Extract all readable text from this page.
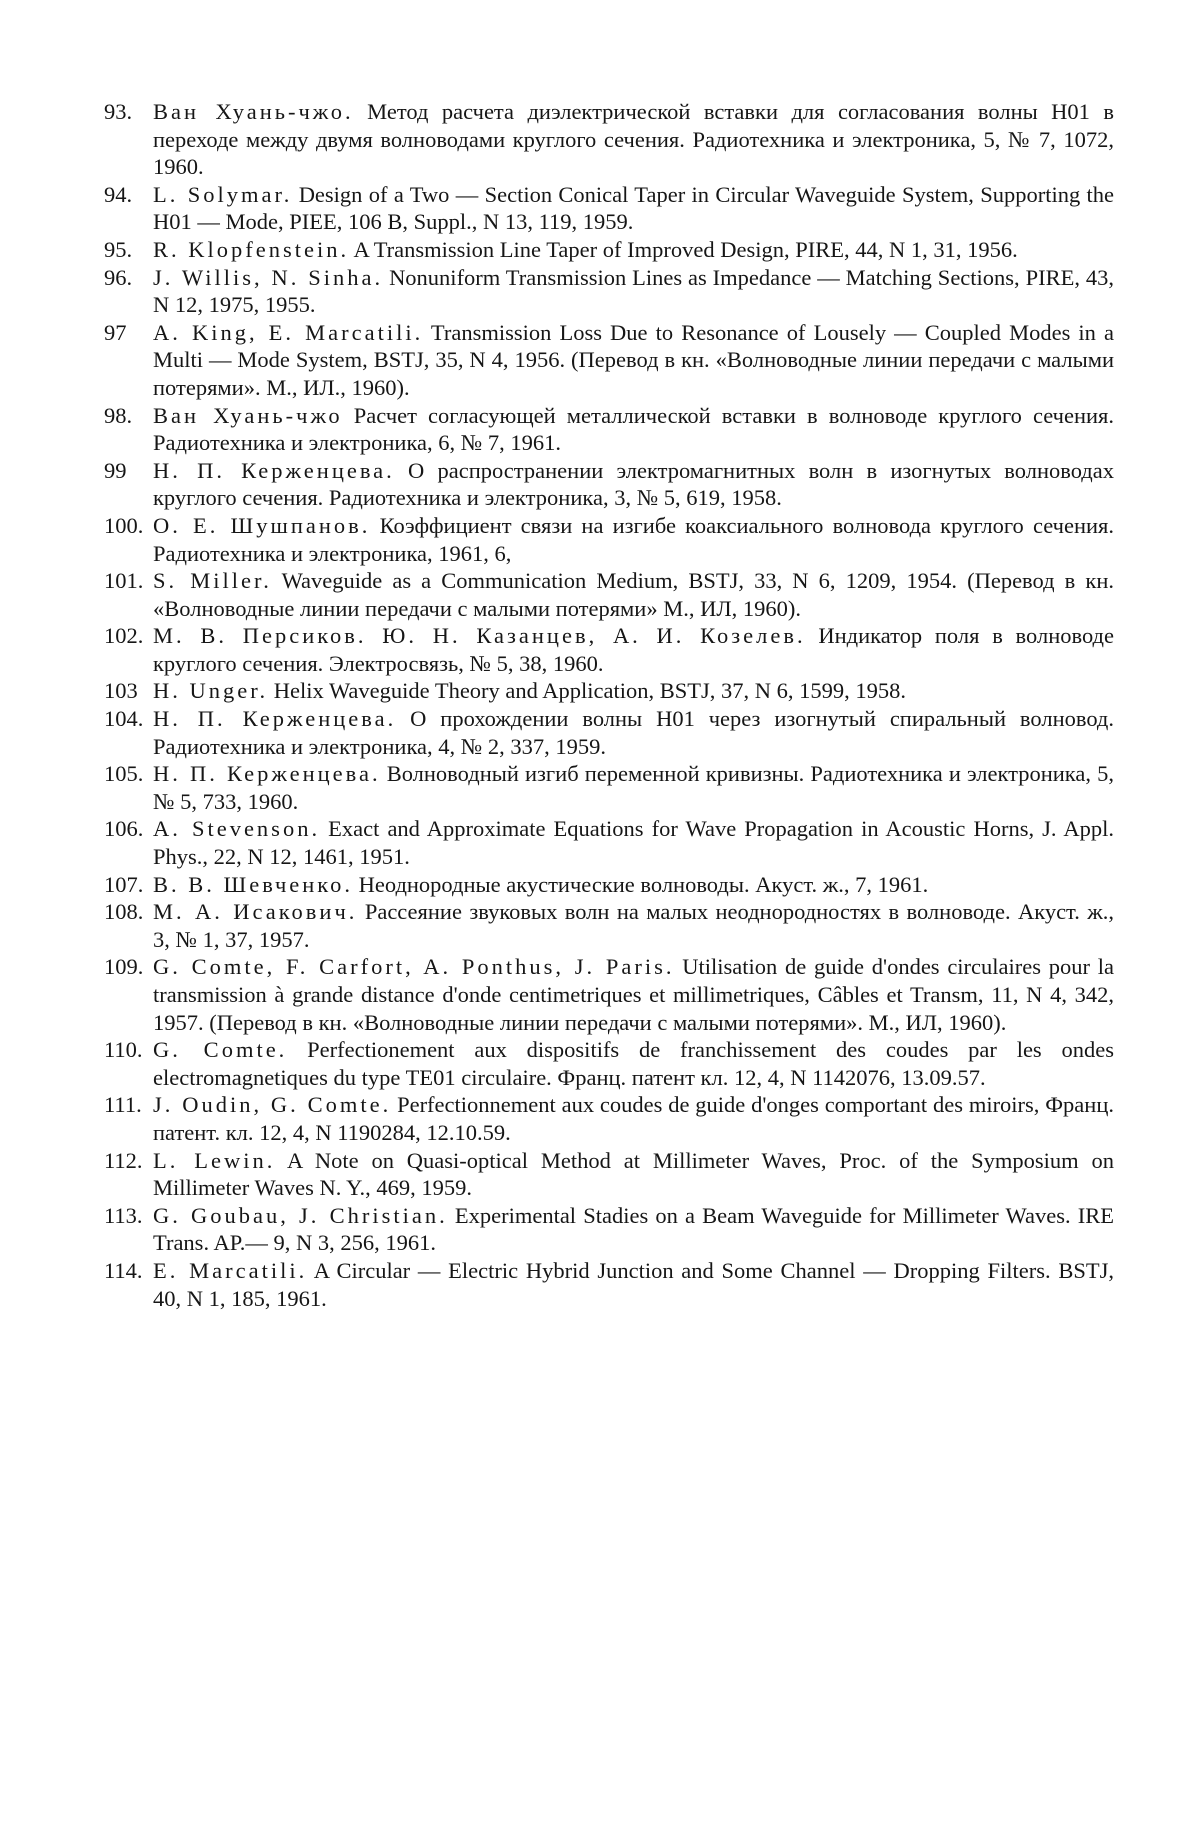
93. Ван Хуань-чжо. Метод расчета диэлектрической вставки для согласования волны H01 в переходе между двумя волноводами круглого сечения. Радиотехника и электроника, 5, № 7, 1072, 1960.

94. L. Solymar. Design of a Two — Section Conical Taper in Circular Waveguide System, Supporting the H01 — Mode, PIEE, 106 B, Suppl., N 13, 119, 1959.

95. R. Klopfenstein. A Transmission Line Taper of Improved Design, PIRE, 44, N 1, 31, 1956.

96. J. Willis, N. Sinha. Nonuniform Transmission Lines as Impedance — Matching Sections, PIRE, 43, N 12, 1975, 1955.

97 A. King, E. Marcatili. Transmission Loss Due to Resonance of Lousely — Coupled Modes in a Multi — Mode System, BSTJ, 35, N 4, 1956. (Перевод в кн. «Волноводные линии передачи с малыми потерями». М., ИЛ., 1960).

98. Ван Хуань-чжо Расчет согласующей металлической вставки в волноводе круглого сечения. Радиотехника и электроника, 6, № 7, 1961.

99 Н. П. Керженцева. О распространении электромагнитных волн в изогнутых волноводах круглого сечения. Радиотехника и электроника, 3, № 5, 619, 1958.

100. О. Е. Шушпанов. Коэффициент связи на изгибе коаксиального волновода круглого сечения. Радиотехника и электроника, 1961, 6,

101. S. Miller. Waveguide as a Communication Medium, BSTJ, 33, N 6, 1209, 1954. (Перевод в кн. «Волноводные линии передачи с малыми потерями» М., ИЛ, 1960).

102. М. В. Персиков. Ю. Н. Казанцев, А. И. Козелев. Индикатор поля в волноводе круглого сечения. Электросвязь, № 5, 38, 1960.

103 H. Unger. Helix Waveguide Theory and Application, BSTJ, 37, N 6, 1599, 1958.

104. Н. П. Керженцева. О прохождении волны H01 через изогнутый спиральный волновод. Радиотехника и электроника, 4, № 2, 337, 1959.

105. Н. П. Керженцева. Волноводный изгиб переменной кривизны. Радиотехника и электроника, 5, № 5, 733, 1960.

106. A. Stevenson. Exact and Approximate Equations for Wave Propagation in Acoustic Horns, J. Appl. Phys., 22, N 12, 1461, 1951.

107. В. В. Шевченко. Неоднородные акустические волноводы. Акуст. ж., 7, 1961.

108. М. А. Исакович. Рассеяние звуковых волн на малых неоднородностях в волноводе. Акуст. ж., 3, № 1, 37, 1957.

109. G. Comte, F. Carfort, A. Ponthus, J. Paris. Utilisation de guide d'ondes circulaires pour la transmission à grande distance d'onde centimetriques et millimetriques, Câbles et Transm, 11, N 4, 342, 1957. (Перевод в кн. «Волноводные линии передачи с малыми потерями». М., ИЛ, 1960).

110. G. Comte. Perfectionement aux dispositifs de franchissement des coudes par les ondes electromagnetiques du type TE01 circulaire. Франц. патент кл. 12, 4, N 1142076, 13.09.57.

111. J. Oudin, G. Comte. Perfectionnement aux coudes de guide d'onges comportant des miroirs, Франц. патент. кл. 12, 4, N 1190284, 12.10.59.

112. L. Lewin. A Note on Quasi-optical Method at Millimeter Waves, Proc. of the Symposium on Millimeter Waves N. Y., 469, 1959.

113. G. Goubau, J. Christian. Experimental Stadies on a Beam Waveguide for Millimeter Waves. IRE Trans. AP.— 9, N 3, 256, 1961.

114. E. Marcatili. A Circular — Electric Hybrid Junction and Some Channel — Dropping Filters. BSTJ, 40, N 1, 185, 1961.
